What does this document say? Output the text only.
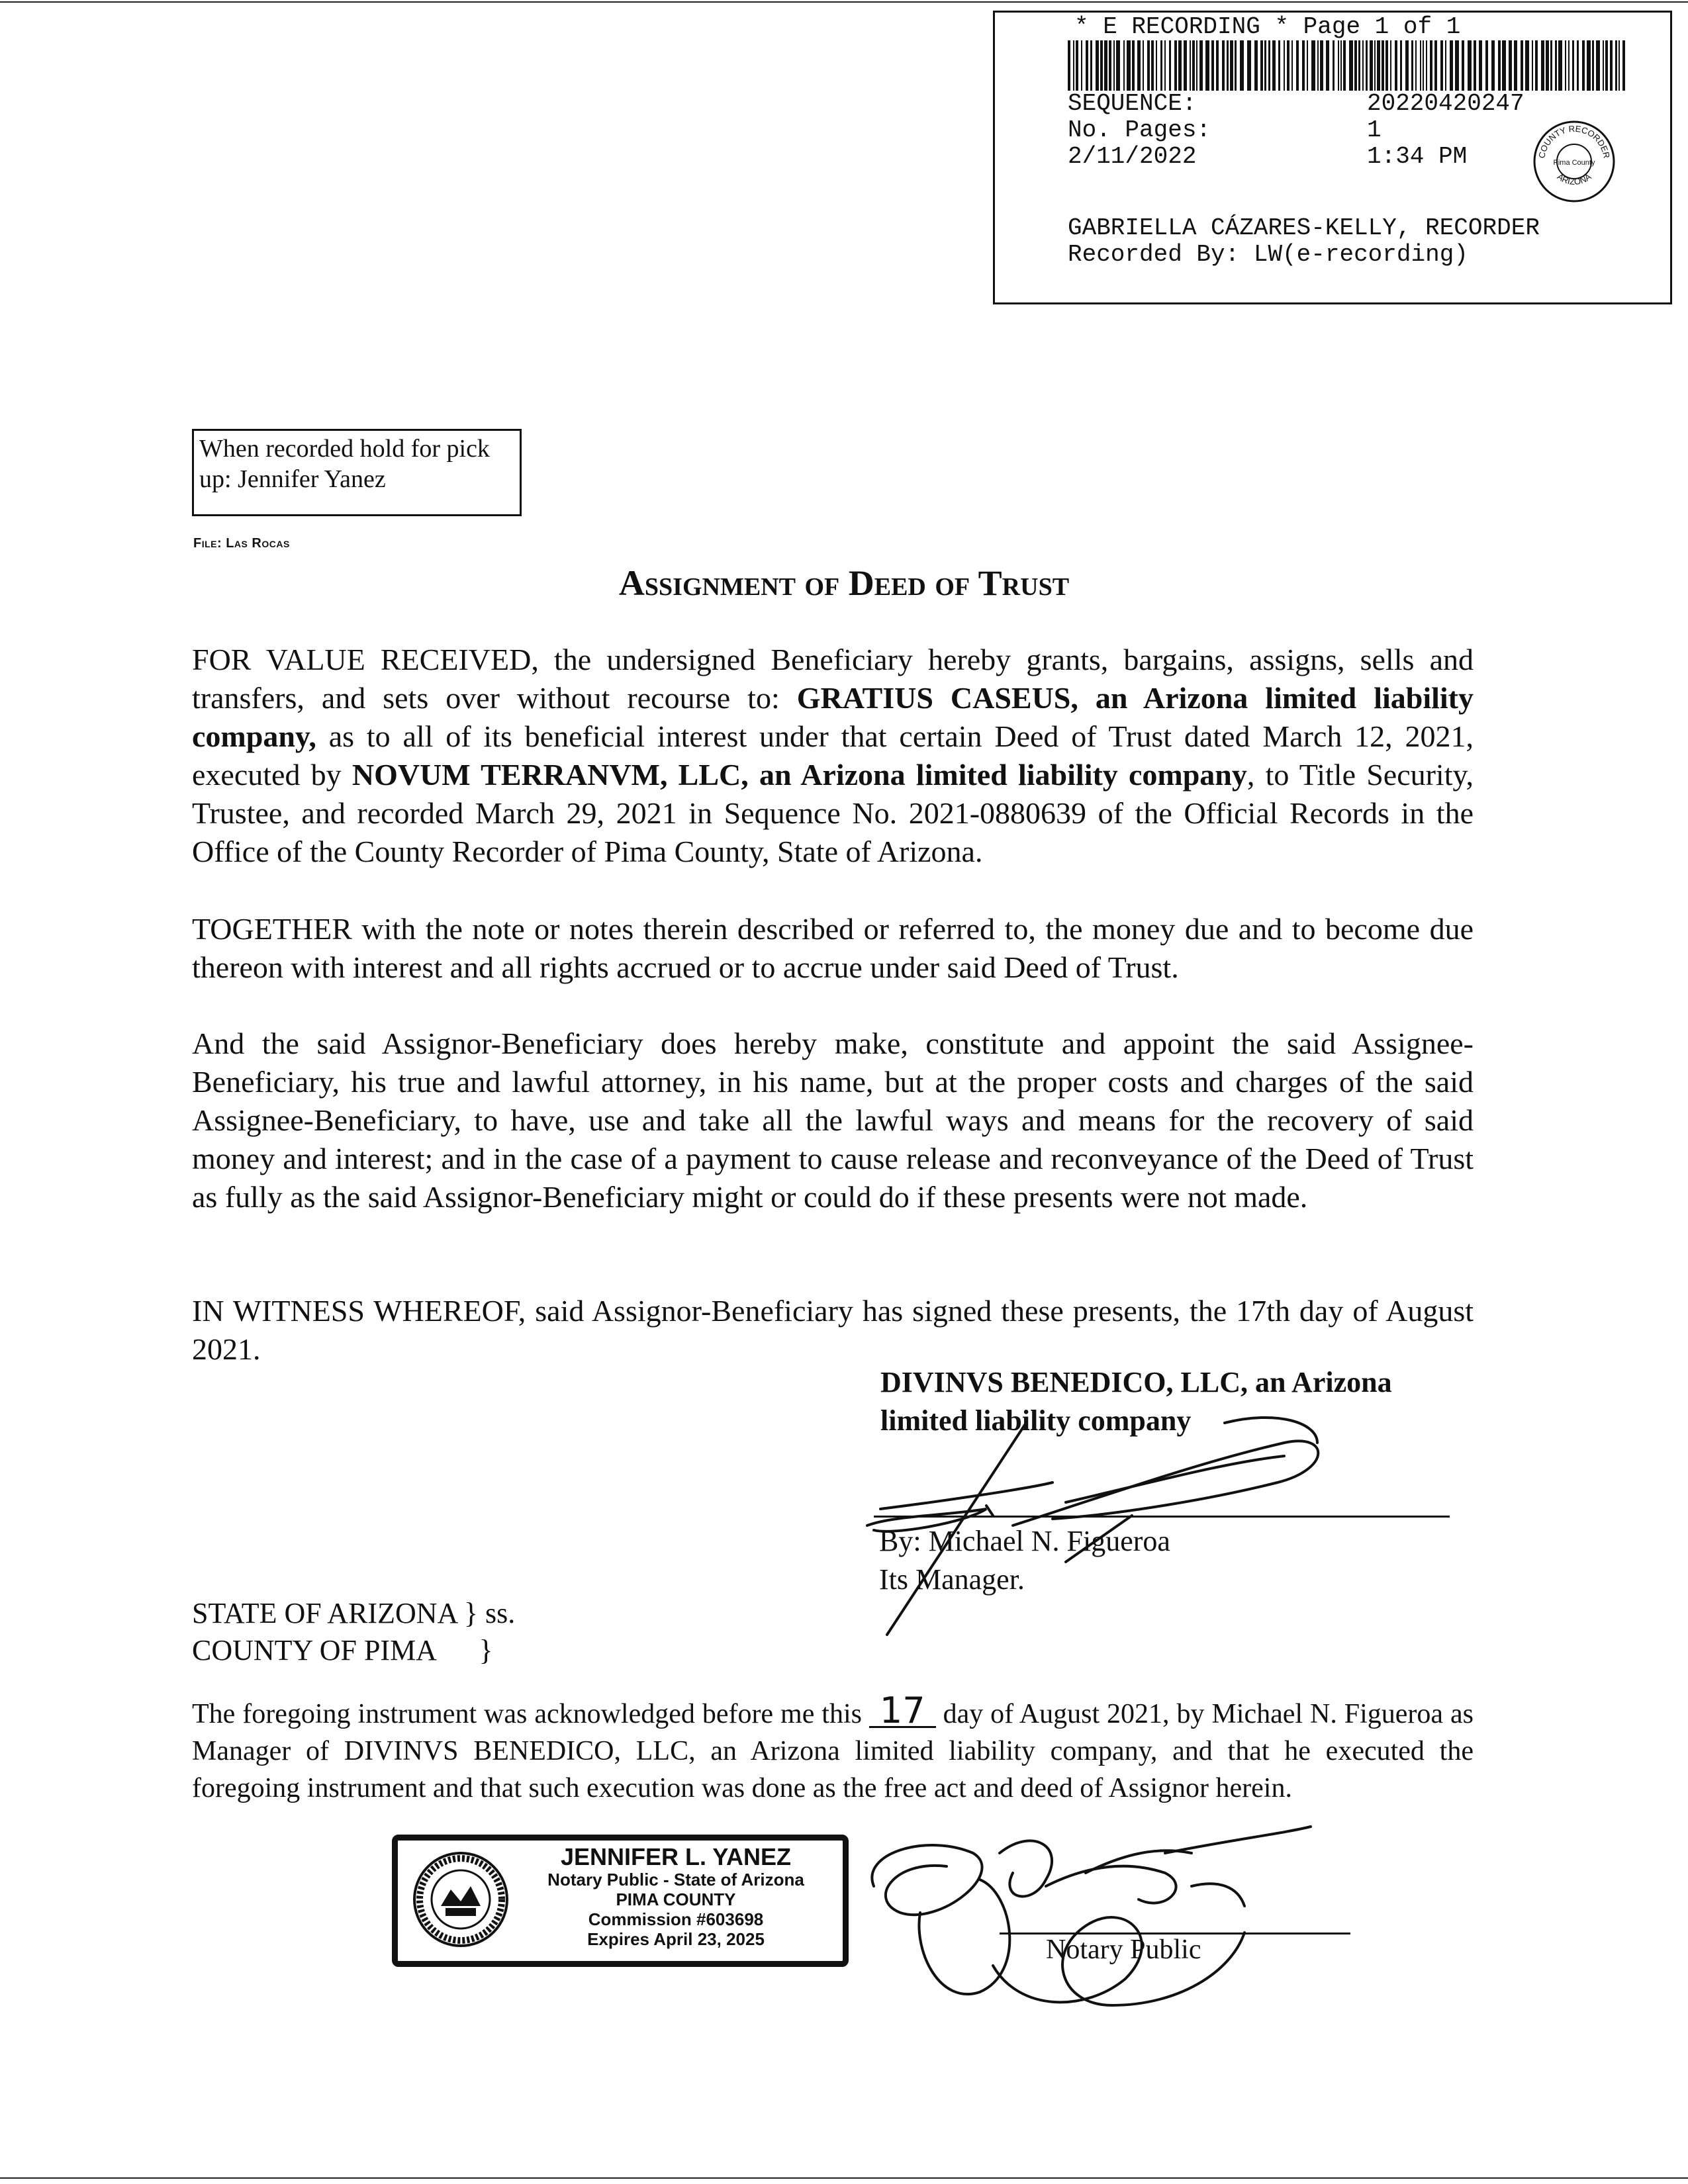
* E RECORDING * Page 1 of 1
SEQUENCE:	20220420247
No. Pages:	1
2/11/2022	1:34 PM	COUNTY RECORDER
ARIZONA
Pima County
GABRIELLA CÁZARES-KELLY, RECORDER
Recorded By: LW(e-recording)
When recorded hold for pick
up: Jennifer Yanez
File: Las Rocas
Assignment of Deed of Trust

FOR VALUE RECEIVED, the undersigned Beneficiary hereby grants, bargains, assigns, sells and transfers, and sets over without recourse to: GRATIUS CASEUS, an Arizona limited liability company, as to all of its beneficial interest under that certain Deed of Trust dated March 12, 2021, executed by NOVUM TERRANVM, LLC, an Arizona limited liability company, to Title Security, Trustee, and recorded March 29, 2021 in Sequence No. 2021-0880639 of the Official Records in the Office of the County Recorder of Pima County, State of Arizona.

TOGETHER with the note or notes therein described or referred to, the money due and to become due thereon with interest and all rights accrued or to accrue under said Deed of Trust.
And the said Assignor-Beneficiary does hereby make, constitute and appoint the said Assignee-Beneficiary, his true and lawful attorney, in his name, but at the proper costs and charges of the said Assignee-Beneficiary, to have, use and take all the lawful ways and means for the recovery of said money and interest; and in the case of a payment to cause release and reconveyance of the Deed of Trust as fully as the said Assignor-Beneficiary might or could do if these presents were not made.
IN WITNESS WHEREOF, said Assignor-Beneficiary has signed these presents, the 17th day of August 2021.
DIVINVS BENEDICO, LLC, an Arizona
limited liability company
By: Michael N. Figueroa
Its Manager.
STATE OF ARIZONA } ss.
COUNTY OF PIMA      }
The foregoing instrument was acknowledged before me this 17 day of August 2021, by Michael N. Figueroa as Manager of DIVINVS BENEDICO, LLC, an Arizona limited liability company, and that he executed the foregoing instrument and that such execution was done as the free act and deed of Assignor herein.
JENNIFER L. YANEZ
Notary Public - State of Arizona
PIMA COUNTY
Commission #603698
Expires April 23, 2025	Notary Public
